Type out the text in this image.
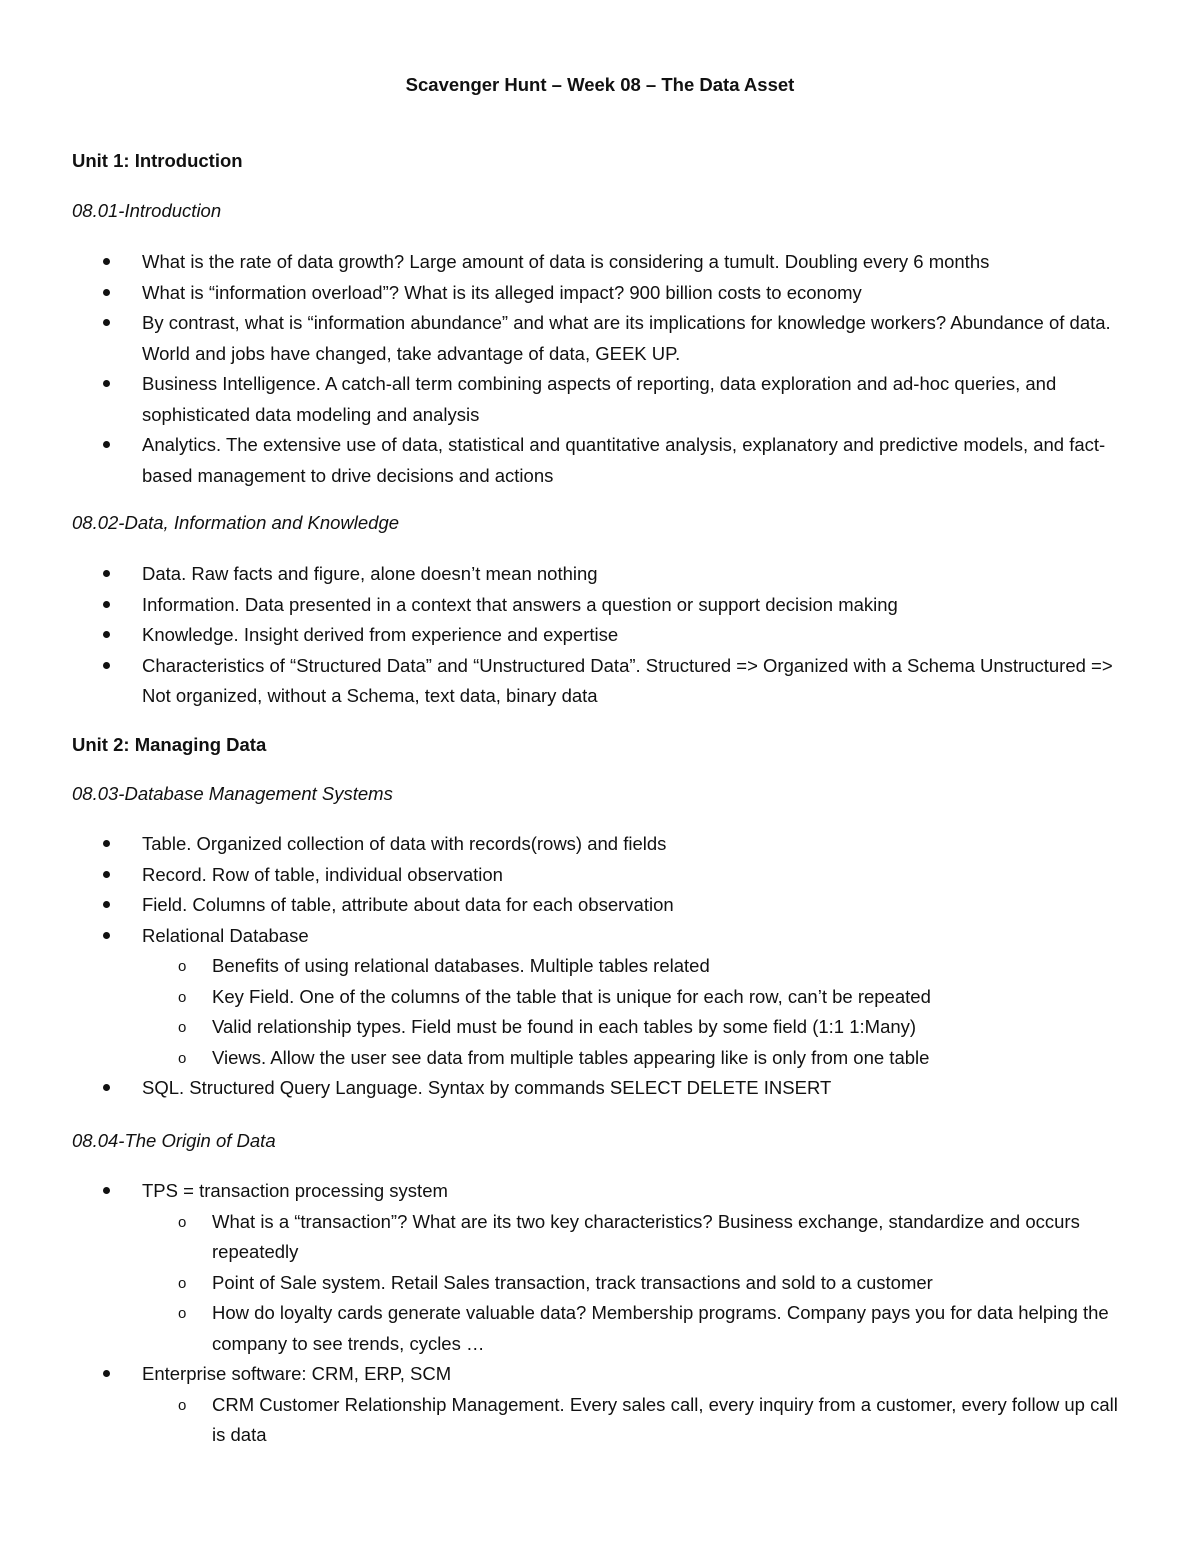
Scavenger Hunt – Week 08 – The Data Asset
Unit 1: Introduction
08.01-Introduction
What is the rate of data growth? Large amount of data is considering a tumult. Doubling every 6 months
What is “information overload”? What is its alleged impact? 900 billion costs to economy
By contrast, what is “information abundance” and what are its implications for knowledge workers? Abundance of data. World and jobs have changed, take advantage of data, GEEK UP.
Business Intelligence. A catch-all term combining aspects of reporting, data exploration and ad-hoc queries, and sophisticated data modeling and analysis
Analytics. The extensive use of data, statistical and quantitative analysis, explanatory and predictive models, and fact-based management to drive decisions and actions
08.02-Data, Information and Knowledge
Data. Raw facts and figure, alone doesn’t mean nothing
Information. Data presented in a context that answers a question or support decision making
Knowledge. Insight derived from experience and expertise
Characteristics of “Structured Data” and “Unstructured Data”. Structured => Organized with a Schema Unstructured => Not organized, without a Schema, text data, binary data
Unit 2: Managing Data
08.03-Database Management Systems
Table. Organized collection of data with records(rows) and fields
Record. Row of table, individual observation
Field. Columns of table, attribute about data for each observation
Relational Database
o Benefits of using relational databases. Multiple tables related
o Key Field. One of the columns of the table that is unique for each row, can’t be repeated
o Valid relationship types. Field must be found in each tables by some field (1:1 1:Many)
o Views. Allow the user see data from multiple tables appearing like is only from one table
SQL. Structured Query Language. Syntax by commands SELECT DELETE INSERT
08.04-The Origin of Data
TPS = transaction processing system
o What is a “transaction”? What are its two key characteristics? Business exchange, standardize and occurs repeatedly
o Point of Sale system. Retail Sales transaction, track transactions and sold to a customer
o How do loyalty cards generate valuable data? Membership programs. Company pays you for data helping the company to see trends, cycles …
Enterprise software: CRM, ERP, SCM
o CRM Customer Relationship Management. Every sales call, every inquiry from a customer, every follow up call is data
